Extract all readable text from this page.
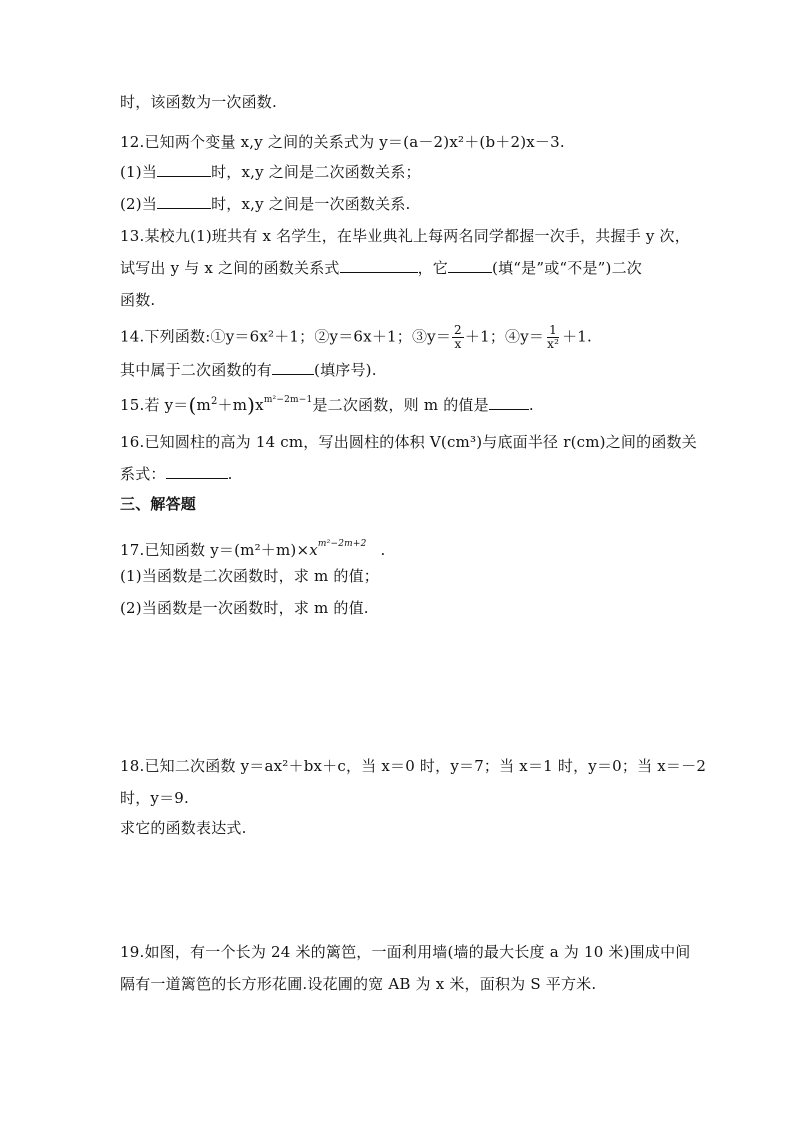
时，该函数为一次函数.
12.已知两个变量 x,y 之间的关系式为 y＝(a－2)x²＋(b＋2)x－3.
(1)当	时，x,y 之间是二次函数关系；
(2)当	时，x,y 之间是一次函数关系.
13.某校九(1)班共有 x 名学生，在毕业典礼上每两名同学都握一次手，共握手 y 次，
试写出 y 与 x 之间的函数关系式	，它	(填“是”或“不是”)二次
函数.
14.下列函数:①y＝6x²＋1；②y＝6x＋1；③y＝ $\frac{2}{x} +1$；④y＝ $\frac{1}{\text{x²}} +1$.
其中属于二次函数的有	(填序号).
15.若 $y=(m^2+m)x^{m^2-2m-1}$是二次函数，则 m 的值是	.
16.已知圆柱的高为 14 cm，写出圆柱的体积 V(cm³)与底面半径 r(cm)之间的函数关
系式：	.
三、解答题
17.已知函数 $y=(m^2+m)\times x^{m^2-2m+2}$ .
(1)当函数是二次函数时，求 m 的值；
(2)当函数是一次函数时，求 m 的值.
18.已知二次函数 y＝ax²＋bx＋c，当 x＝0 时，y＝7；当 x＝1 时，y＝0；当 x＝－2
时，y＝9.
求它的函数表达式.
19.如图，有一个长为 24 米的篱笆，一面利用墙(墙的最大长度 a 为 10 米)围成中间
隔有一道篱笆的长方形花圃.设花圃的宽 AB 为 x 米，面积为 S 平方米.
